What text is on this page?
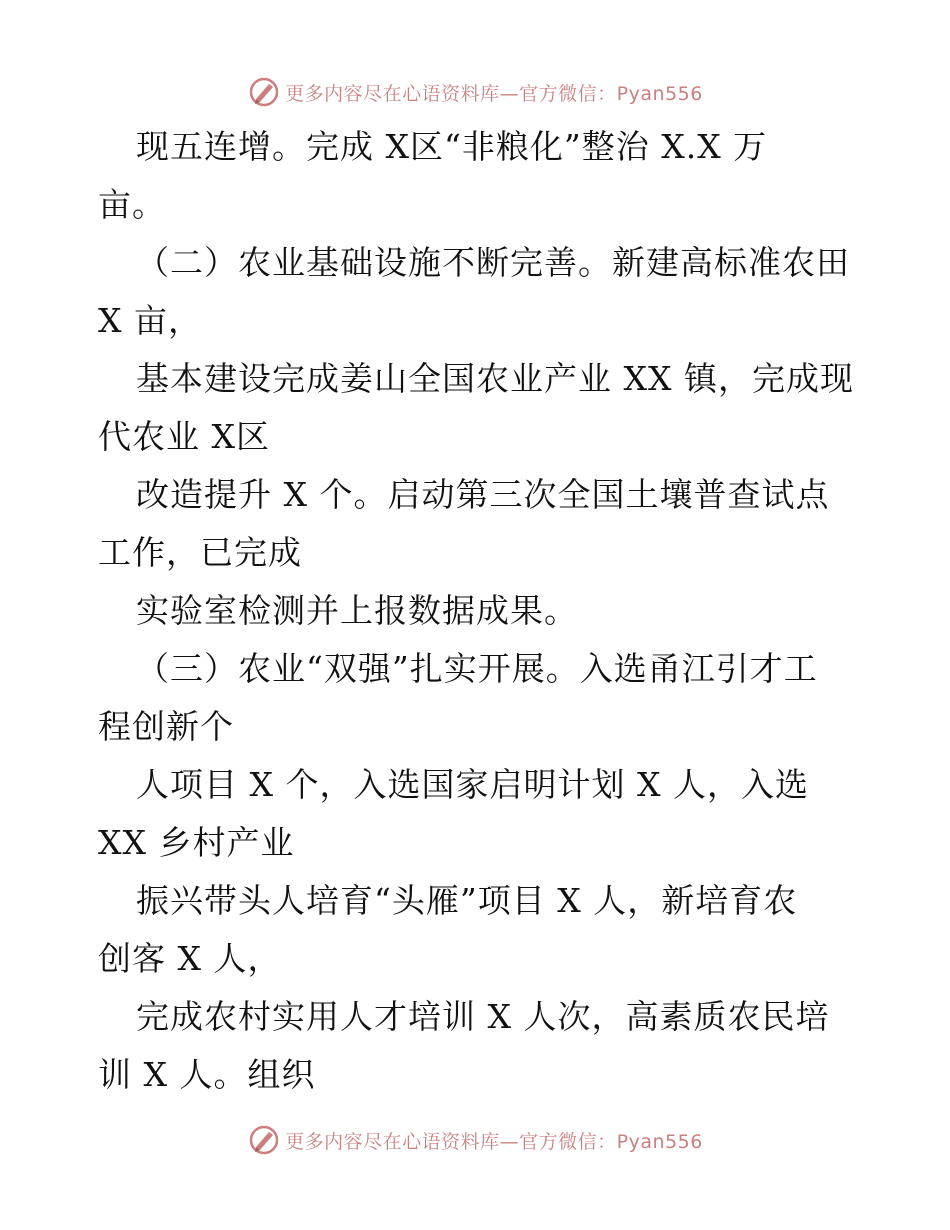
更多内容尽在心语资料库—官方微信：Pyan556
现五连增。完成 X区“非粮化”整治 X.X 万
亩。
（二）农业基础设施不断完善。新建高标准农田
X 亩，
基本建设完成姜山全国农业产业 XX 镇，完成现
代农业 X区
改造提升 X 个。启动第三次全国土壤普查试点
工作，已完成
实验室检测并上报数据成果。
（三）农业“双强”扎实开展。入选甬江引才工
程创新个
人项目 X 个，入选国家启明计划 X 人，入选
XX 乡村产业
振兴带头人培育“头雁”项目 X 人，新培育农
创客 X 人，
完成农村实用人才培训 X 人次，高素质农民培
训 X 人。组织
更多内容尽在心语资料库—官方微信：Pyan556
